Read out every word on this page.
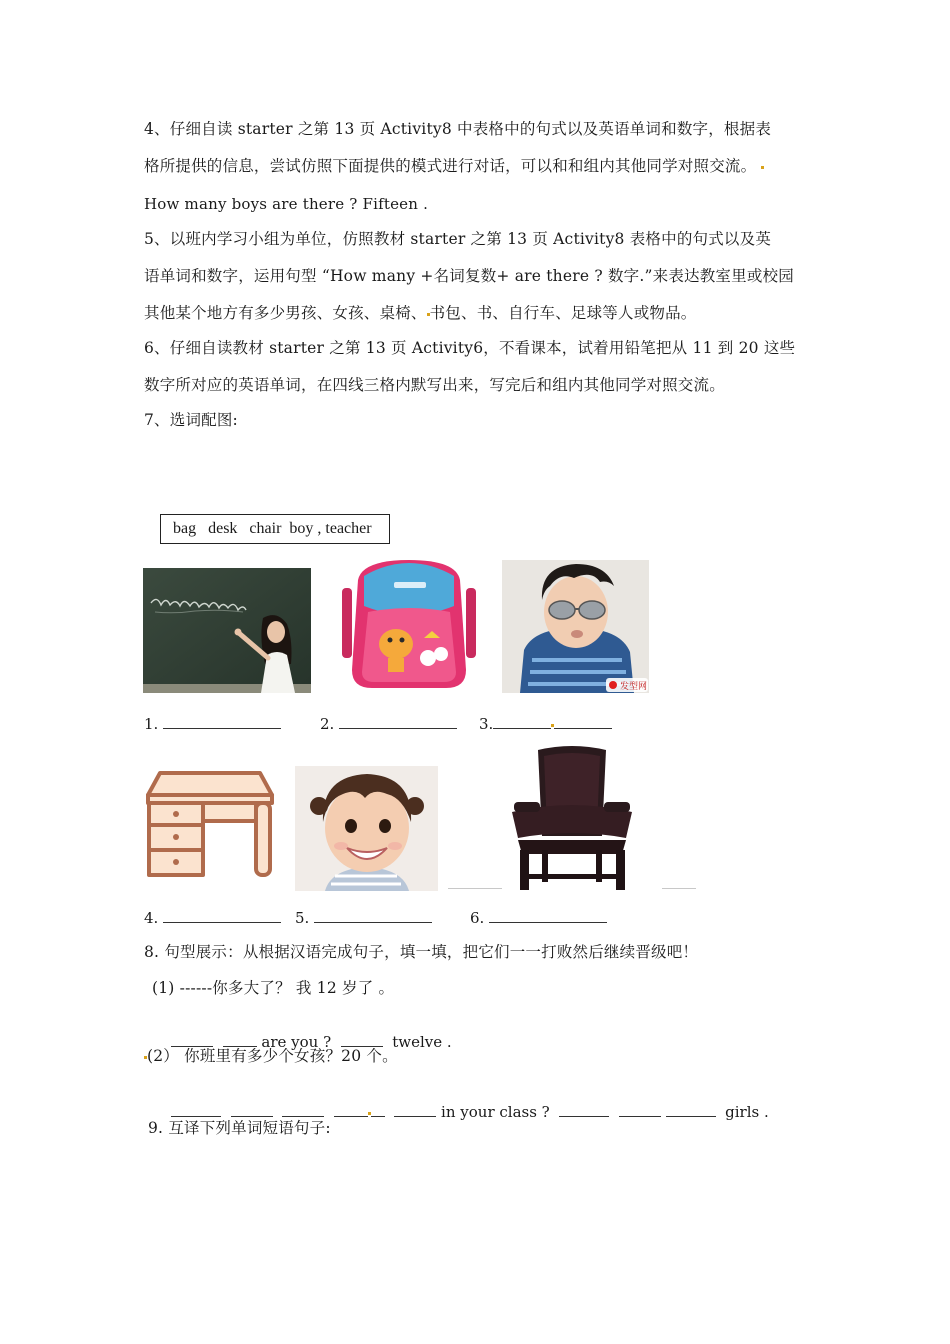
4、仔细自读 starter 之第 13 页 Activity8 中表格中的句式以及英语单词和数字，根据表
格所提供的信息，尝试仿照下面提供的模式进行对话，可以和和组内其他同学对照交流。
How many boys are there ? Fifteen .
5、以班内学习小组为单位，仿照教材 starter 之第 13 页 Activity8 表格中的句式以及英
语单词和数字，运用句型 “How many +名词复数+ are there ? 数字.”来表达教室里或校园
其他某个地方有多少男孩、女孩、桌椅、 书包、书、自行车、足球等人或物品。
6、仔细自读教材 starter 之第 13 页 Activity6，不看课本，试着用铅笔把从 11 到 20 这些
数字所对应的英语单词，在四线三格内默写出来，写完后和组内其他同学对照交流。
7、选词配图:
bag   desk   chair  boy , teacher
发型网
1.	2.	3.
4.	5.	6.
8. 句型展示：从根据汉语完成句子，填一填，把它们一一打败然后继续晋级吧！
(1) ------你多大了？ 我 12 岁了 。

are you ?	twelve .

(2） 你班里有多少个女孩？20 个。

in your class ?	girls .

9. 互译下列单词短语句子:
